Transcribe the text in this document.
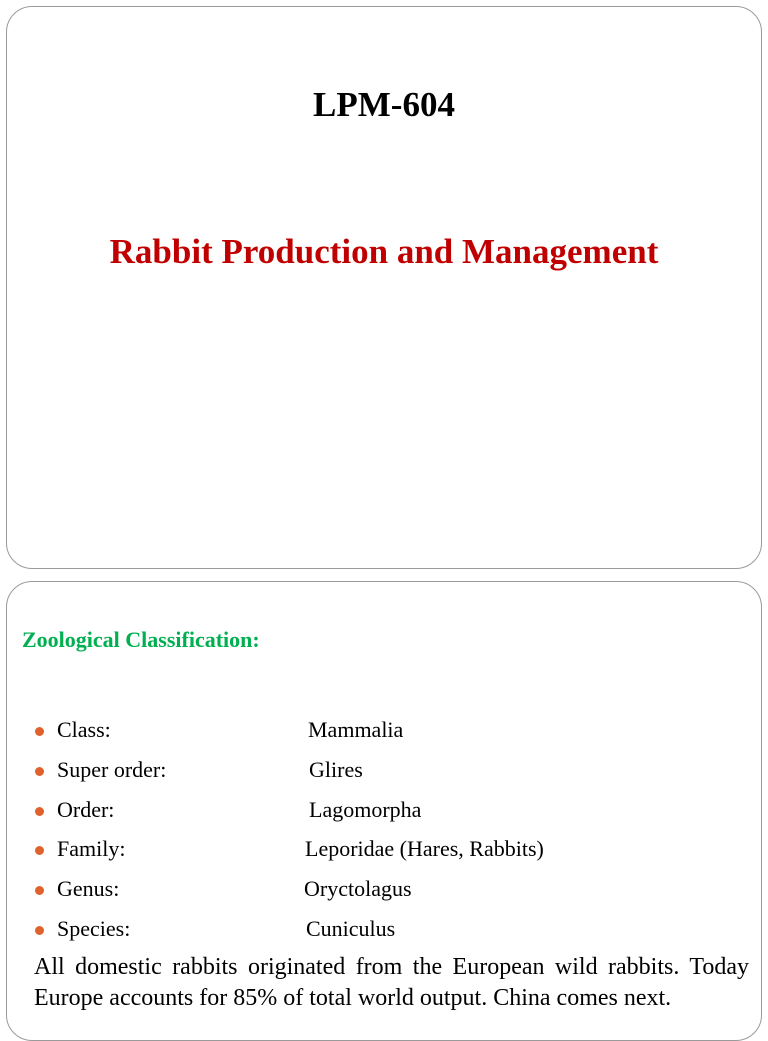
LPM-604
Rabbit Production and Management
Zoological Classification:
Class:	Mammalia
Super order:	Glires
Order:	Lagomorpha
Family:	Leporidae (Hares, Rabbits)
Genus:	Oryctolagus
Species:	Cuniculus

All domestic rabbits originated from the European wild rabbits. Today Europe accounts for 85% of total world output. China comes next.
